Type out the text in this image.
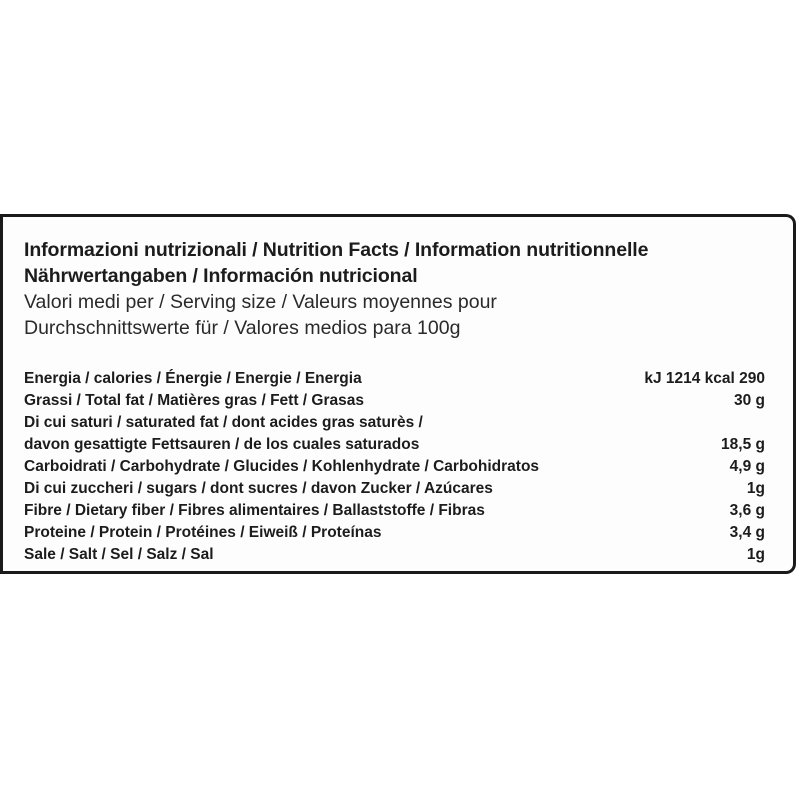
Informazioni nutrizionali / Nutrition Facts / Information nutritionnelle
Nährwertangaben / Información nutricional
Valori medi per / Serving size / Valeurs moyennes pour
Durchschnittswerte für / Valores medios para 100g
Energia / calories / Énergie / Energie / Energia	kJ 1214 kcal 290
Grassi / Total fat / Matières gras / Fett / Grasas	30 g
Di cui saturi / saturated fat / dont acides gras saturès /
davon gesattigte Fettsauren / de los cuales saturados	18,5 g
Carboidrati / Carbohydrate / Glucides / Kohlenhydrate / Carbohidratos	4,9 g
Di cui zuccheri / sugars / dont sucres / davon Zucker / Azúcares	1g
Fibre / Dietary fiber / Fibres alimentaires / Ballaststoffe / Fibras	3,6 g
Proteine / Protein / Protéines / Eiweiß / Proteínas	3,4 g
Sale / Salt / Sel / Salz / Sal	1g
